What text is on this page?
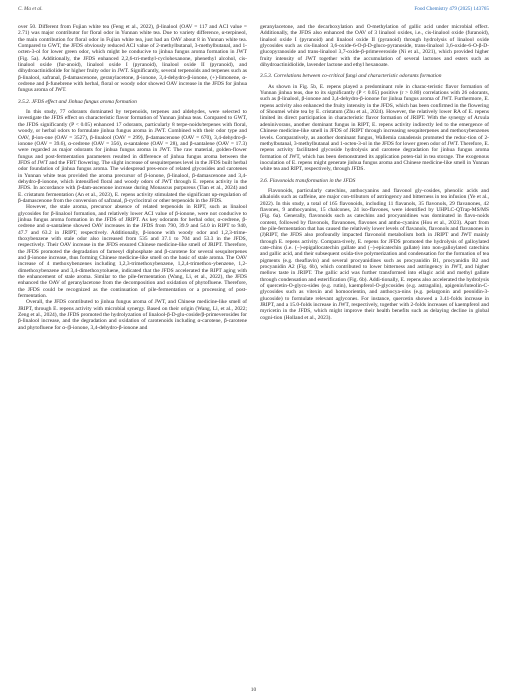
C. Ma et al.	Food Chemistry 479 (2025) 143765

over 50. Different from Fujian white tea (Feng et al., 2022), β-linalool (OAV = 117 and ACI value = 2.71) was major contributor for floral odor in Yunnan white tea. Due to variety difference, α-terpineol, the main contribution for floral odor in Fujian white tea, just had an OAV about 8 in Yunnan white tea. Compared to GWT, the JFDS obviously reduced ACI value of 2-methylbutanal, 3-methylbutanal, and 1-octen-3-ol for lower green odor, which might be conducive to jinhua fungus aroma formation in JWT (Fig. 5a). Additionally, the JFDS enhanced 2,2,6-tri-methyl-cyclohexanone, phenethyl alcohol, cis-linalool oxide (fur-anoid), linalool oxide I (pyranoid), linalool oxide II (pyranoid), and dihydroactinidiolide for higher fruity odor in JWT. Significantly, several terpenoids and terpenes such as β-linalool, safranal, β-damascenone, geranylacetone, β-ionone, 3,4-dehydro-β-ionone, (+)-limonene, α-cedrene and β-funebrene with herbal, floral or woody odor showed OAV increase in the JFDS for jinhua fungus aroma of JWT.

3.5.2. JFDS effect and Jinhua fungus aroma formation

In this study, 77 odorants dominated by terpenoids, terpenes and aldehydes, were selected to investigate the JFDS effect on characteristic flavor formation of Yunnan jinhua teas. Compared to GWT, the JFDS significantly (P < 0.05) enhanced 17 odorants, particularly 8 terpe-noids/terpenes with floral, woody, or herbal odors to formulate jinhua fungus aroma in JWT. Combined with their odor type and OAV, β-ion-one (OAV = 3527), β-linalool (OAV = 299), β-damascenone (OAV = 670), 3,4-dehydro-β-ionone (OAV = 39.6), α-cedrene (OAV = 356), α-santalene (OAV = 28), and β-santalene (OAV = 17.3) were regarded as major odorants for jinhua fungus aroma in JWT. The raw material, golden-flower fungus and post-fermentation parameters resulted in difference of jinhua fungus aroma between the JFDS of JWT and the FBT flowering. The slight increase of sesquiterpenes level in the JFDS built herbal odor foundation of jinhua fungus aroma. The widespread pres-ence of related glycosides and carotenes in Yunnan white teas provided the aroma precursor of β-ionone, β-linalool, β-damascenone and 3,4-dehydro-β-ionone, which intensified floral and woody odors of JWT through E. repens activity in the JFDS. In accordance with β-dam-ascenone increase during Monascus purpureus (Tian et al., 2024) and E. cristatum fermentation (An et al., 2023), E. repens activity stimulated the significant up-regulation of β-damascenone from the conversion of safranal, β-cyclocitral or other terpenoids in the JFDS.

However, the stale aroma, precursor absence of related terpenoids in RIPT, such as linalool glycosides for β-linalool formation, and relatively lower ACI value of β-ionone, were not conducive to jinhua fungus aroma formation in the JFDS of JRIPT. As key odorants for herbal odor, α-cedrene, β-cedrene and α-santalene showed OAV increases in the JFDS from 790, 39.9 and 54.0 in RIPT to 940, 47.7 and 63.2 in JRIPT, respectively. Additionally, β-ionone with woody odor and 1,2,3-trime-thoxybenzene with stale odor also increased from 535 and 37.1 to 704 and 53.3 in the JFDS, respectively. Their OAV increase in the JFDS ensured Chinese medicine-like smell of JRIPT. Therefore, the JFDS promoted the degradation of farnesyl diphosphate and β-carotene for several sesquiterpenes and β-ionone increase, thus forming Chinese medicine-like smell on the basic of stale aroma. The OAV increase of 4 methoxybenzenes including 1,2,3-trimethoxybenzene, 1,2,4-trimethox-ybenzene, 1,2-dimethoxybenzene and 3,4-dimethoxytoluene, indicated that the JFDS accelerated the RIPT aging with the enhancement of stale aroma. Similar to the pile-fermentation (Wang, Li, et al., 2022), the JFDS enhanced the OAV of geranylacetone from the decomposition and oxidation of phytofluene. Therefore, the JFDS could be recognized as the continuation of pile-fermentation or a processing of post-fermentation.

Overall, the JFDS contributed to jinhua fungus aroma of JWT, and Chinese medicine-like smell of JRIPT, through E. repens activity with microbial synergy. Based on their origin (Wang, Li, et al., 2022; Zeng et al., 2024), the JFDS promoted the hydrolyzation of linalool-β-D-glu-coside/β-primeverosides for β-linalool increase, and the degradation and oxidation of carotenoids including α-carotene, β-carotene and phytofluene for α-/β-ionone, 3,4-dehydro-β-ionone and

geranylacetone, and the decarboxylation and O-methylation of gallic acid under microbial effect. Additionally, the JFDS also enhanced the OAV of 3 linalool oxides, i.e., cis-linalool oxide (furanoid), linalool oxide I (pyranoid) and linalool oxide II (pyranoid) through hydrolysis of linalool oxide glycosides such as cis-linalool 3,6-oxide-6-O-β-D-gluco-pyranoside, trans-linalool 3,6-oxide-6-O-β-D-glucopyranoside and trans-linalool 3,7-oxide-β-primeveroside (Ni et al., 2021), which provided higher fruity intensity of JWT together with the accumulation of several lactones and esters such as dihydroactinidiolide, lavender lactone and ethyl hexanoate.

3.5.3. Correlations between co-critical fungi and characteristic odorants formation

As shown in Fig. 5b, E. repens played a predominant role in charac-teristic flavor formation of Yunnan jinhua teas, due to its significantly (P < 0.05) positive (r > 0.80) correlations with 26 odorants, such as β-linalool, β-ionone and 3,4-dehydro-β-ionone for jinhua fungus aroma of JWT. Furthermore, E. repens activity also enhanced the fruity intensity in the JFDS, which has been confirmed in the flowering of Shoumei white tea by E. cristatum (Zhu et al., 2024). However, the relatively lower RA of E. repens limited its direct participation in characteristic flavor formation of JRIPT. With the synergy of Arxula adeninivorans, another dominant fungus in RIPT, E. repens activity indirectly led to the emergence of Chinese medicine-like smell in JFDS of JRIPT through increasing sesquiterpenes and methoxybenzenes levels. Comparatively, as another dominant fungus, Wallemia canadensis promoted the reduc-tion of 2-methylbutanal, 3-methylbutanal and 1-octen-3-ol in the JFDS for lower green odor of JWT. Therefore, E. repens activity facilitated glycoside hydrolysis and carotene degradation for jinhua fungus aroma formation of JWT, which has been demonstrated its application poten-tial in tea storage. The exogenous inoculation of E. repens might generate jinhua fungus aroma and Chinese medicine-like smell in Yunnan white tea and RIPT, respectively, through JFDS.

3.6. Flavonoids transformation in the JFDS

Flavonoids, particularly catechins, anthocyanins and flavonol gly-cosides, phenolic acids and alkaloids such as caffeine, are major con-tributors of astringency and bitterness in tea infusion (Ye et al., 2022). In this study, a total of 165 flavonoids, including 11 flavanols, 35 flavonols, 29 flavanones, 42 flavones, 9 anthocyanins, 15 chalcones, 24 iso-flavones, were identified by UHPLC-QTrap-MS/MS (Fig. 6a). Generally, flavonoids such as catechins and procyanidines was dominated in flavo-noids content, followed by flavonols, flavanones, flavones and antho-cyanins (Hou et al., 2023). Apart from the pile-fermentation that has caused the relatively lower levels of flavanols, flavonols and flavanones in (J)RIPT, the JFDS also profoundly impacted flavonoid metabolism both in JRIPT and JWT mainly through E. repens activity. Compara-tively, E. repens for JFDS promoted the hydrolysis of galloylated cate-chins (i.e. (−)-epigallocatechin gallate and (−)-epicatechin gallate) into non-galloylated catechins and gallic acid, and their subsequent oxida-tive polymerization and condensation for the formation of tea pigments (e.g. theaflavin) and several procyanidines such as procyanidin B1, procyanidin B2 and procyanidin A2 (Fig. 6b), which contributed to lower bitterness and astringency in JWT, and higher mellow taste in JRIPT. The gallic acid was further transformed into ellagic acid and methyl gallate through condensation and esterification (Fig. 6b). Addi-tionally, E. repens also accelerated the hydrolysis of quercetin-O-glyco-sides (e.g. rutin), kaempferol-O-glycosides (e.g. astragalin), apigenin/luteolin-C-glycosides such as vitexin and homoorientin, and anthocya-nins (e.g. pelargonin and peonidin-3-glucoside) to formulate relevant aglycones. For instance, quercetin showed a 3.41-folds increase in JRIPT, and a 15.0-folds increase in JWT, respectively, together with 2-folds increases of kaempferol and myricetin in the JFDS, which might improve their health benefits such as delaying decline in global cogni-tion (Holland et al., 2023).

10
